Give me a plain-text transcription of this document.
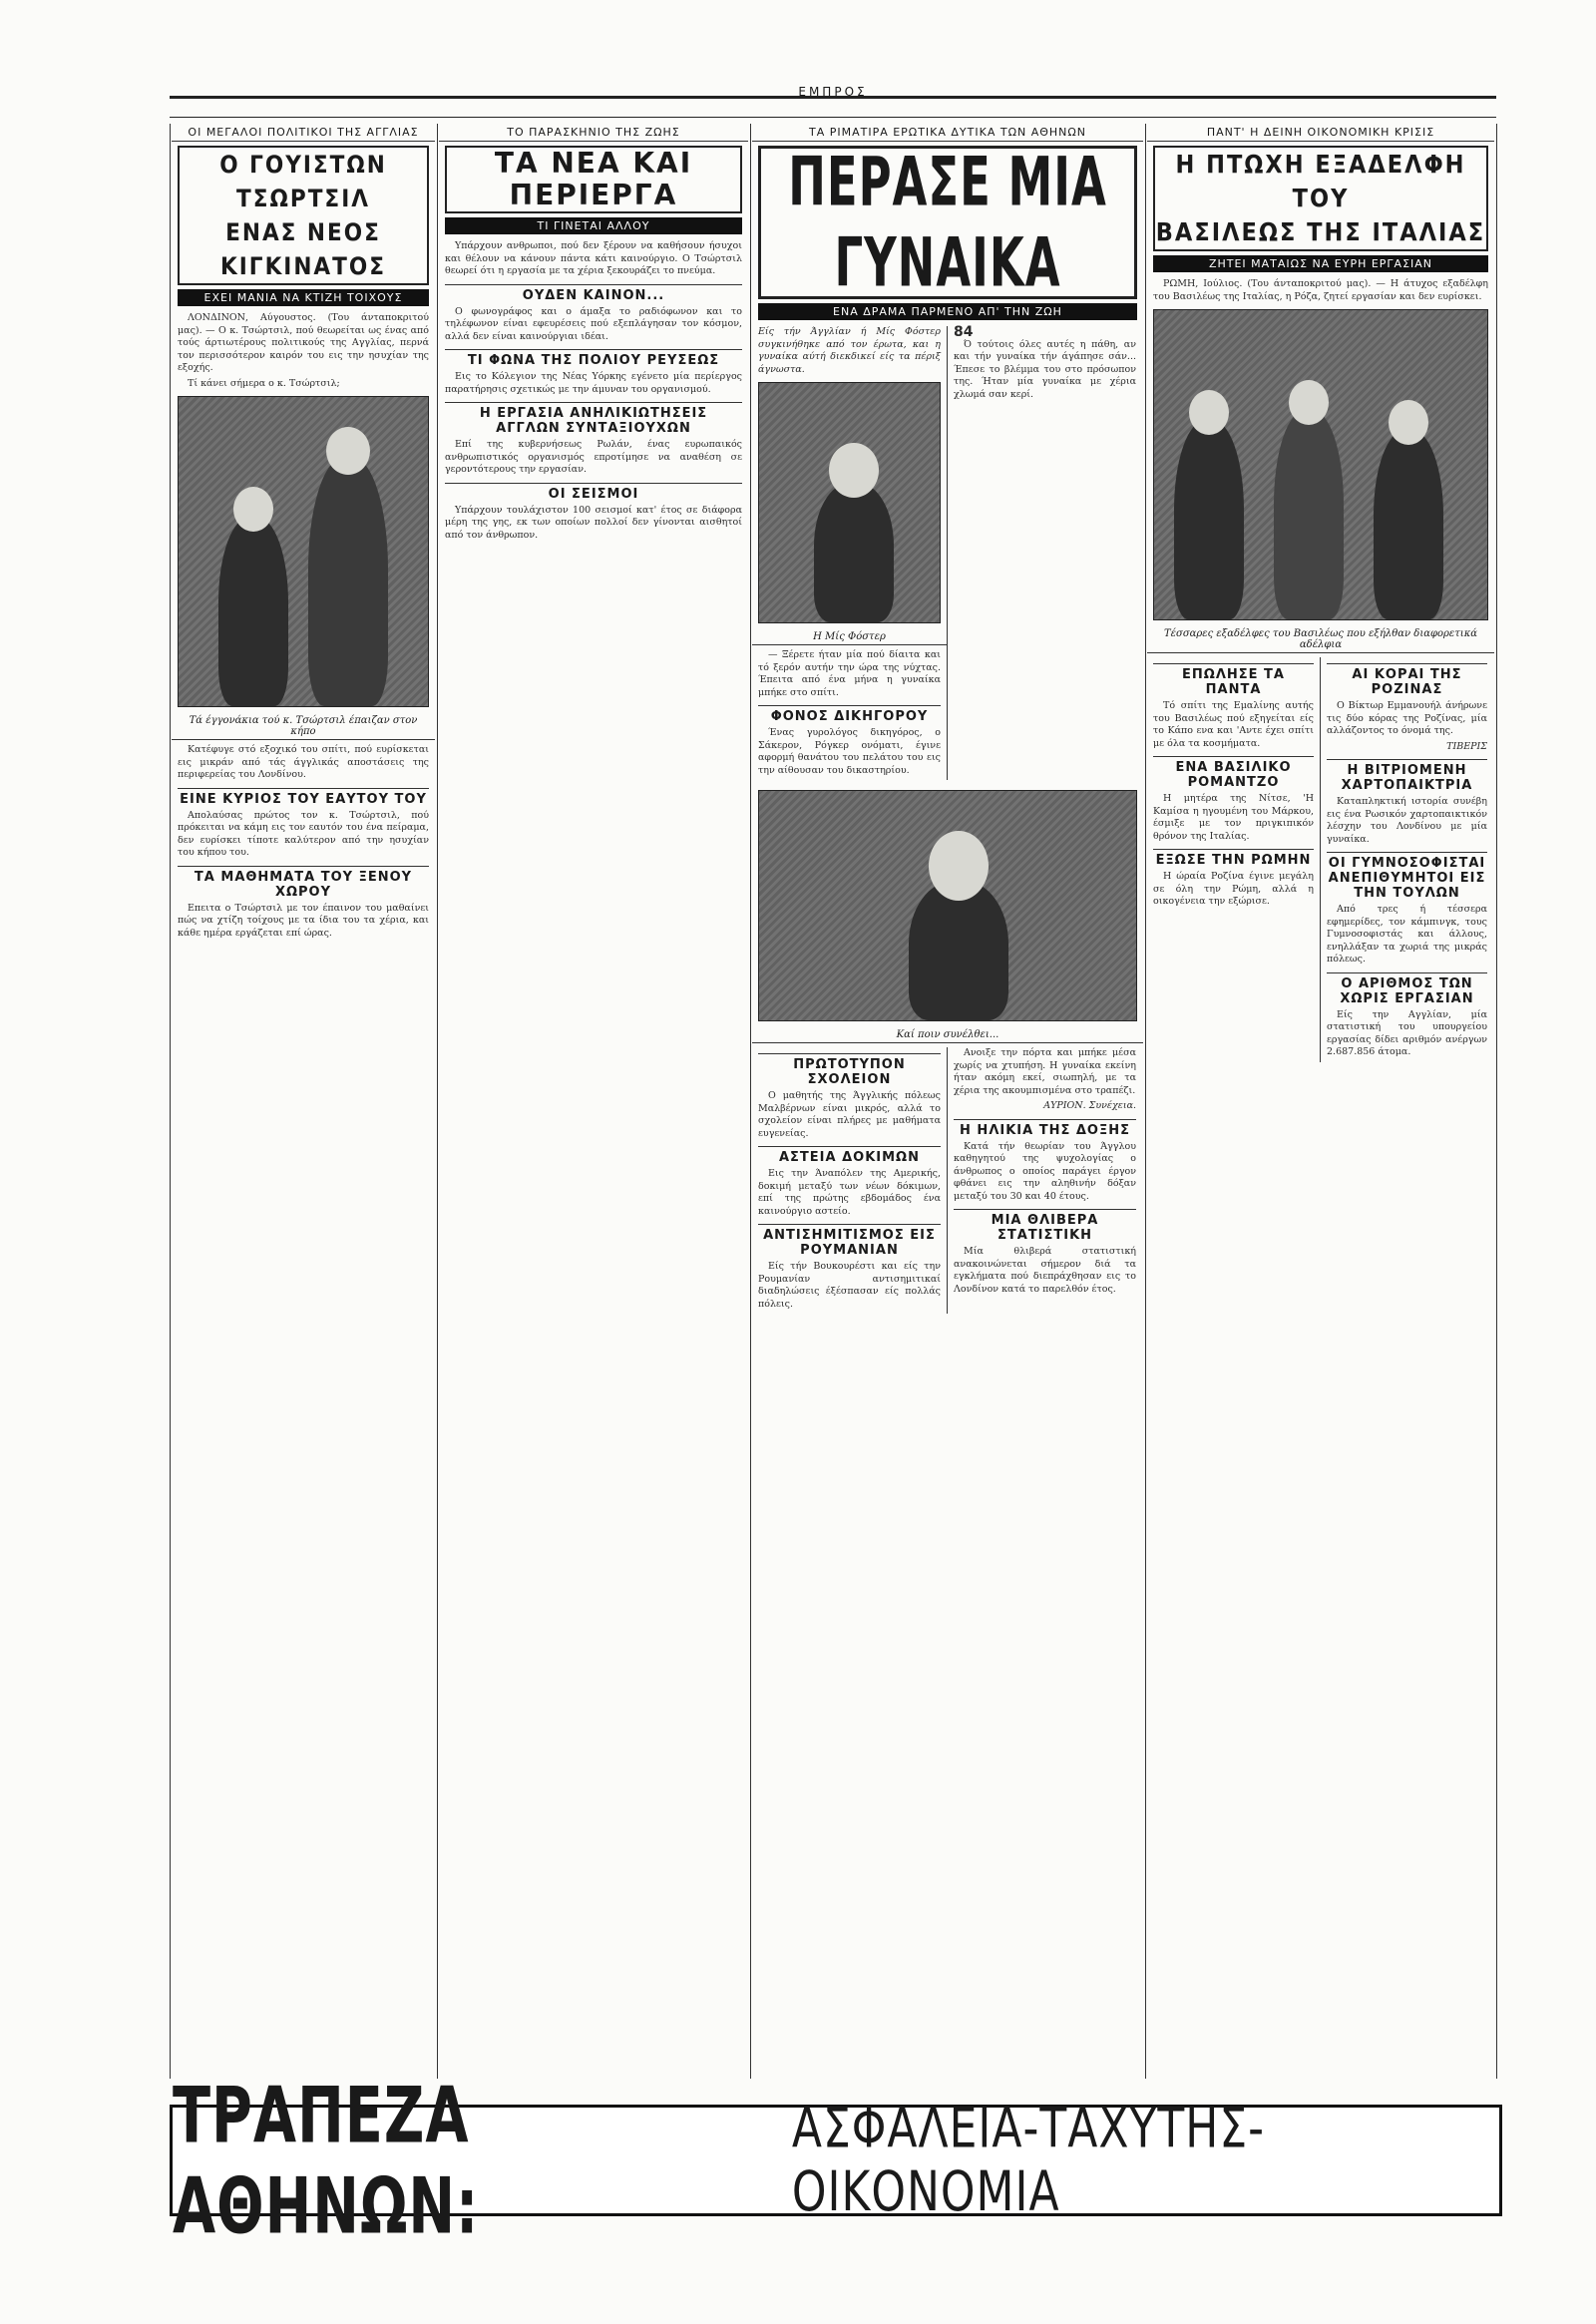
ΕΜΠΡΟΣ
ΟΙ ΜΕΓΑΛΟΙ ΠΟΛΙΤΙΚΟΙ ΤΗΣ ΑΓΓΛΙΑΣ
Ο ΓΟΥΙΣΤΩΝ ΤΣΩΡΤΣΙΛ
ΕΝΑΣ ΝΕΟΣ ΚΙΓΚΙΝΑΤΟΣ
ΕΧΕΙ ΜΑΝΙΑ ΝΑ ΚΤΙΖΗ ΤΟΙΧΟΥΣ

ΛΟΝΔΙΝΟΝ, Αύγουστος. (Του άνταποκριτού μας). — Ο κ. Τσώρτσιλ, πού θεωρείται ως ένας από τούς άρτιωτέρους πολιτικούς της Αγγλίας, περνά τον περισσότερον καιρόν του εις την ησυχίαν της εξοχής.

Τί κάνει σήμερα ο κ. Τσώρτσιλ;

Τά έγγονάκια τού κ. Τσώρτσιλ έπαιζαν στον κήπο

Κατέφυγε στό εξοχικό του σπίτι, πού ευρίσκεται εις μικράν από τάς άγγλικάς αποστάσεις της περιφερείας του Λονδίνου.

ΕΙΝΕ ΚΥΡΙΟΣ ΤΟΥ ΕΑΥΤΟΥ ΤΟΥ

Απολαύσας πρώτος τον κ. Τσώρτσιλ, πού πρόκειται να κάμη εις τον εαυτόν του ένα πείραμα, δεν ευρίσκει τίποτε καλύτερον από την ησυχίαν του κήπου του.

ΤΑ ΜΑΘΗΜΑΤΑ ΤΟΥ ΞΕΝΟΥ ΧΩΡΟΥ

Επειτα ο Τσώρτσιλ με τον έπαινον του μαθαίνει πώς να χτίζη τοίχους με τα ίδια του τα χέρια, και κάθε ημέρα εργάζεται επί ώρας.

ΤΟ ΠΑΡΑΣΚΗΝΙΟ ΤΗΣ ΖΩΗΣ
ΤΑ ΝΕΑ ΚΑΙ
ΠΕΡΙΕΡΓΑ
ΤΙ ΓΙΝΕΤΑΙ ΑΛΛΟΥ

Υπάρχουν ανθρωποι, πού δεν ξέρουν να καθήσουν ήσυχοι και θέλουν να κάνουν πάντα κάτι καινούργιο. Ο Τσώρτσιλ θεωρεί ότι η εργασία με τα χέρια ξεκουράζει το πνεύμα.

ΟΥΔΕΝ ΚΑΙΝΟΝ...

Ο φωνογράφος και ο άμαξα το ραδιόφωνον και το τηλέφωνον είναι εφευρέσεις πού εξεπλάγησαν τον κόσμον, αλλά δεν είναι καινούργιαι ιδέαι.

ΤΙ ΦΩΝΑ ΤΗΣ ΠΟΛΙΟΥ ΡΕΥΣΕΩΣ

Εις το Κόλεγιον της Νέας Υόρκης εγένετο μία περίεργος παρατήρησις σχετικώς με την άμυναν του οργανισμού.

Η ΕΡΓΑΣΙΑ ΑΝΗΛΙΚΙΩΤΗΣΕΙΣ ΑΓΓΛΩΝ ΣΥΝΤΑΞΙΟΥΧΩΝ

Επί της κυβερνήσεως Ρωλάν, ένας ευρωπαικός ανθρωπιστικός οργανισμός επροτίμησε να αναθέση σε γεροντότερους την εργασίαν.

ΟΙ ΣΕΙΣΜΟΙ

Υπάρχουν τουλάχιστον 100 σεισμοί κατ' έτος σε διάφορα μέρη της γης, εκ των οποίων πολλοί δεν γίνονται αισθητοί από τον άνθρωπον.

ΤΑ ΡΙΜΑΤΙΡΑ ΕΡΩΤΙΚΑ ΔΥΤΙΚΑ ΤΩΝ ΑΘΗΝΩΝ
ΠΕΡΑΣΕ ΜΙΑ ΓΥΝΑΙΚΑ
ΕΝΑ ΔΡΑΜΑ ΠΑΡΜΕΝΟ ΑΠ' ΤΗΝ ΖΩΗ
Είς τήν Άγγλίαν ή Μίς Φόστερ συγκινήθηκε από τον έρωτα, και η γυναίκα αύτή διεκδικεί είς τα πέριξ άγνωστα.
Η Μίς Φόστερ

— Ξέρετε ήταν μία πού δίαιτα και τό ξερόν αυτήν την ώρα της νύχτας. Έπειτα από ένα μήνα η γυναίκα μπήκε στο σπίτι.

ΦΟΝΟΣ ΔΙΚΗΓΟΡΟΥ

Ένας γυρολόγος δικηγόρος, ο Σάκερον, Ρόγκερ ονόματι, έγινε αφορμή θανάτου του πελάτου του εις την αίθουσαν του δικαστηρίου.

84

Ό τούτοις όλες αυτές η πάθη, αν και τήν γυναίκα τήν άγάπησε σάν... Έπεσε το βλέμμα του στο πρόσωπον της. Ήταν μία γυναίκα με χέρια χλωμά σαν κερί.

Καί ποιν συνέλθει...
ΠΡΩΤΟΤΥΠΟΝ ΣΧΟΛΕΙΟΝ

Ο μαθητής της Άγγλικής πόλεως Μαλβέρνων είναι μικρός, αλλά το σχολείον είναι πλήρες με μαθήματα ευγενείας.

ΑΣΤΕΙΑ ΔΟΚΙΜΩΝ

Εις την Άναπόλεν της Αμερικής, δοκιμή μεταξύ των νέων δόκιμων, επί της πρώτης εβδομάδος ένα καινούργιο αστείο.

ΑΝΤΙΣΗΜΙΤΙΣΜΟΣ ΕΙΣ ΡΟΥΜΑΝΙΑΝ

Είς τήν Βουκουρέστι και είς την Ρουμανίαν αντισημιτικαί διαδηλώσεις έξέσπασαν είς πολλάς πόλεις.

Ανοιξε την πόρτα και μπήκε μέσα χωρίς να χτυπήση. Η γυναίκα εκείνη ήταν ακόμη εκεί, σιωπηλή, με τα χέρια της ακουμπισμένα στο τραπέζι.

ΑΥΡΙΟΝ. Συνέχεια.
Η ΗΛΙΚΙΑ ΤΗΣ ΔΟΞΗΣ

Κατά τήν θεωρίαν του Άγγλου καθηγητού της ψυχολογίας ο άνθρωπος ο οποίος παράγει έργον φθάνει εις την αληθινήν δόξαν μεταξύ του 30 και 40 έτους.

ΜΙΑ ΘΛΙΒΕΡΑ ΣΤΑΤΙΣΤΙΚΗ

Μία θλιβερά στατιστική ανακοινώνεται σήμερον διά τα εγκλήματα πού διεπράχθησαν εις το Λονδίνον κατά το παρελθόν έτος.

ΠΑΝΤ' Η ΔΕΙΝΗ ΟΙΚΟΝΟΜΙΚΗ ΚΡΙΣΙΣ
Η ΠΤΩΧΗ ΕΞΑΔΕΛΦΗ ΤΟΥ
ΒΑΣΙΛΕΩΣ ΤΗΣ ΙΤΑΛΙΑΣ
ΖΗΤΕΙ ΜΑΤΑΙΩΣ ΝΑ ΕΥΡΗ ΕΡΓΑΣΙΑΝ

ΡΩΜΗ, Ιούλιος. (Του άνταποκριτού μας). — Η άτυχος εξαδέλφη του Βασιλέως της Ιταλίας, η Ρόζα, ζητεί εργασίαν και δεν ευρίσκει.

Τέσσαρες εξαδέλφες του Βασιλέως που εξήλθαν διαφορετικά αδέλφια
ΕΠΩΛΗΣΕ ΤΑ ΠΑΝΤΑ

Τό σπίτι της Εμαλίνης αυτής του Βασιλέως πού εξηγείται είς το Κάπο ενα και 'Αντε έχει σπίτι με όλα τα κοσμήματα.

ΕΝΑ ΒΑΣΙΛΙΚΟ ΡΟΜΑΝΤΖΟ

Η μητέρα της Νίτσε, 'Η Καμίσα η ηγουμένη του Μάρκου, έσμιξε με τον πριγκιπικόν θρόνον της Ιταλίας.

ΕΞΩΣΕ ΤΗΝ ΡΩΜΗΝ

Η ώραία Ροζίνα έγινε μεγάλη σε όλη την Ρώμη, αλλά η οικογένεια την εξώρισε.

ΑΙ ΚΟΡΑΙ ΤΗΣ ΡΟΖΙΝΑΣ

Ο Βίκτωρ Εμμανουήλ άνήρωνε τις δύο κόρας της Ροζίνας, μία αλλάζοντος το όνομά της.

ΤΙΒΕΡΙΣ
Η ΒΙΤΡΙΟΜΕΝΗ ΧΑΡΤΟΠΑΙΚΤΡΙΑ

Καταπληκτική ιστορία συνέβη εις ένα Ρωσικόν χαρτοπαικτικόν λέσχην του Λονδίνου με μία γυναίκα.

ΟΙ ΓΥΜΝΟΣΟΦΙΣΤΑΙ ΑΝΕΠΙΘΥΜΗΤΟΙ ΕΙΣ ΤΗΝ ΤΟΥΛΩΝ

Από τρες ή τέσσερα εφημερίδες, τον κάμπινγκ, τους Γυμνοσοφιστάς και άλλους, ενηλλάξαν τα χωριά της μικράς πόλεως.

Ο ΑΡΙΘΜΟΣ ΤΩΝ ΧΩΡΙΣ ΕΡΓΑΣΙΑΝ

Είς την Αγγλίαν, μία στατιστική του υπουργείου εργασίας δίδει αριθμόν ανέργων 2.687.856 άτομα.

ΤΡΑΠΕΖΑ ΑΘΗΝΩΝ:
ΑΣΦΑΛΕΙΑ-ΤΑΧΥΤΗΣ-ΟΙΚΟΝΟΜΙΑ
